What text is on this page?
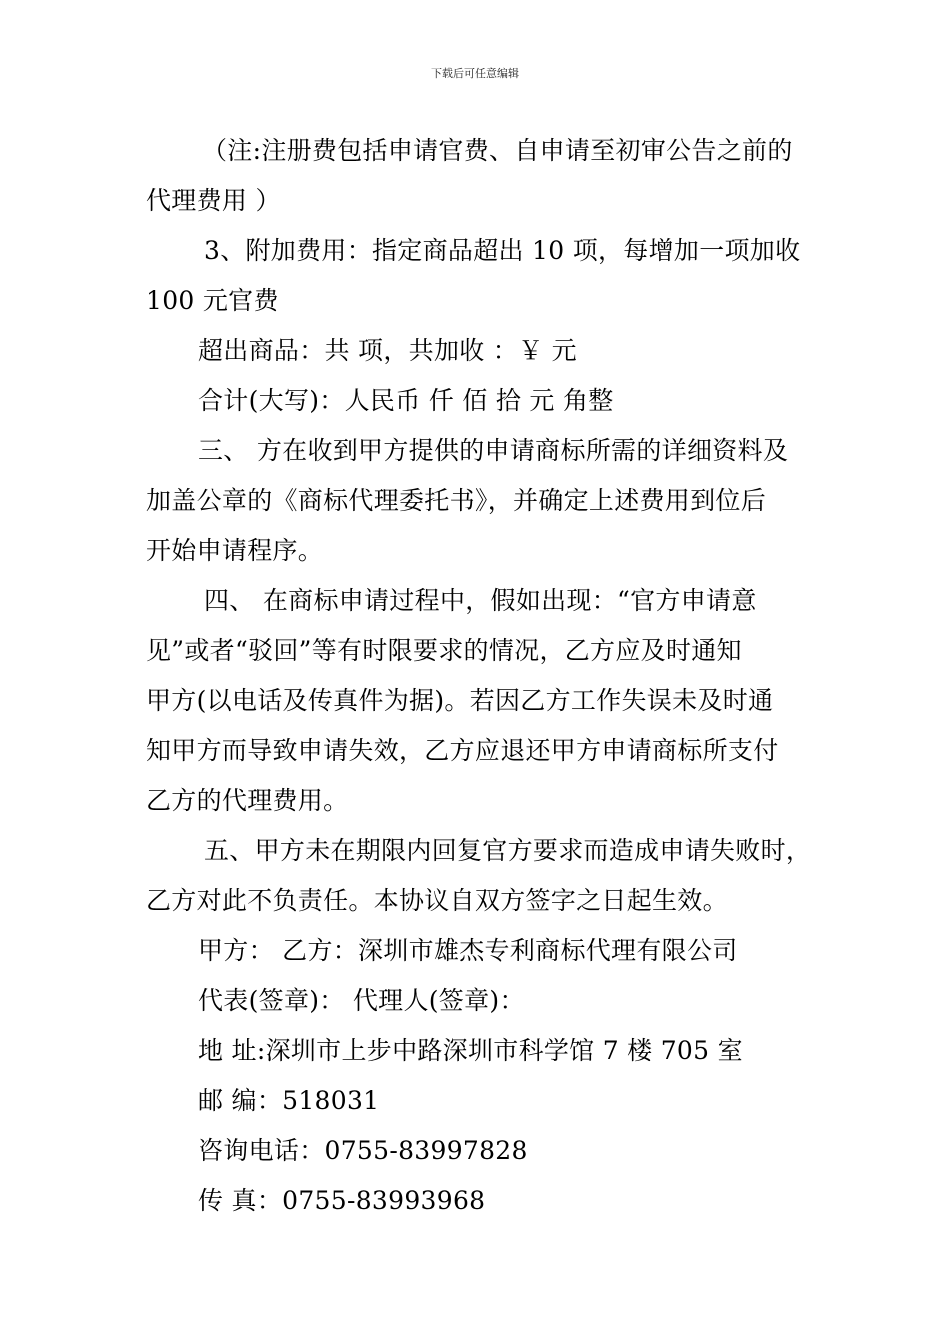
下载后可任意编辑
（注:注册费包括申请官费、自申请至初审公告之前的
代理费用 ）
3、附加费用：指定商品超出 10 项，每增加一项加收
100 元官费
超出商品：共 项，共加收 ：￥ 元
合计(大写)：人民币 仟 佰 拾 元 角整
三、 方在收到甲方提供的申请商标所需的详细资料及
加盖公章的《商标代理委托书》，并确定上述费用到位后
开始申请程序。
四、 在商标申请过程中，假如出现：“官方申请意
见”或者“驳回”等有时限要求的情况，乙方应及时通知
甲方(以电话及传真件为据)。若因乙方工作失误未及时通
知甲方而导致申请失效，乙方应退还甲方申请商标所支付
乙方的代理费用。
五、甲方未在期限内回复官方要求而造成申请失败时，
乙方对此不负责任。本协议自双方签字之日起生效。
甲方： 乙方：深圳市雄杰专利商标代理有限公司
代表(签章)： 代理人(签章)：
地 址:深圳市上步中路深圳市科学馆 7 楼 705 室
邮 编：518031
咨询电话：0755-83997828
传 真：0755-83993968
